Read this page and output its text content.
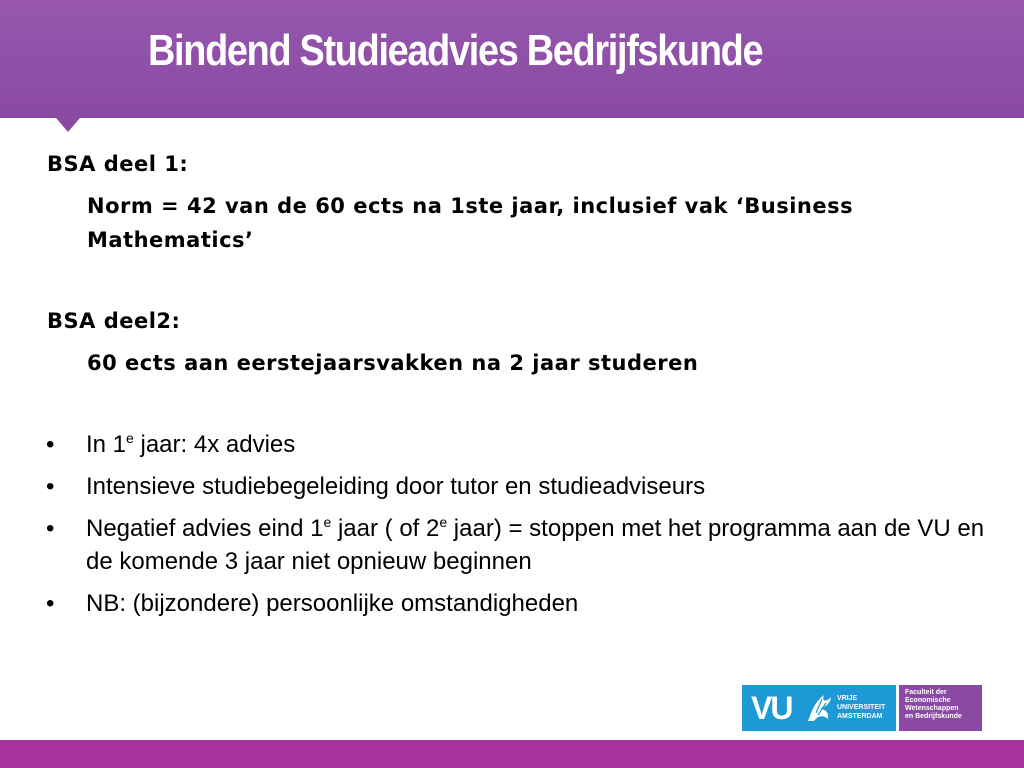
Bindend Studieadvies Bedrijfskunde
BSA deel 1:
Norm = 42 van de 60 ects na 1ste jaar, inclusief vak ‘Business Mathematics’
BSA deel2:
60 ects aan eerstejaarsvakken na 2 jaar studeren
• In 1e jaar: 4x advies
• Intensieve studiebegeleiding door tutor en studieadviseurs
• Negatief advies eind 1e jaar ( of 2e jaar) = stoppen met het programma aan de VU en de komende 3 jaar niet opnieuw beginnen
• NB: (bijzondere) persoonlijke omstandigheden
VU	VRIJE
UNIVERSITEIT
AMSTERDAM
Faculteit der
Economische
Wetenschappen
en Bedrijfskunde
